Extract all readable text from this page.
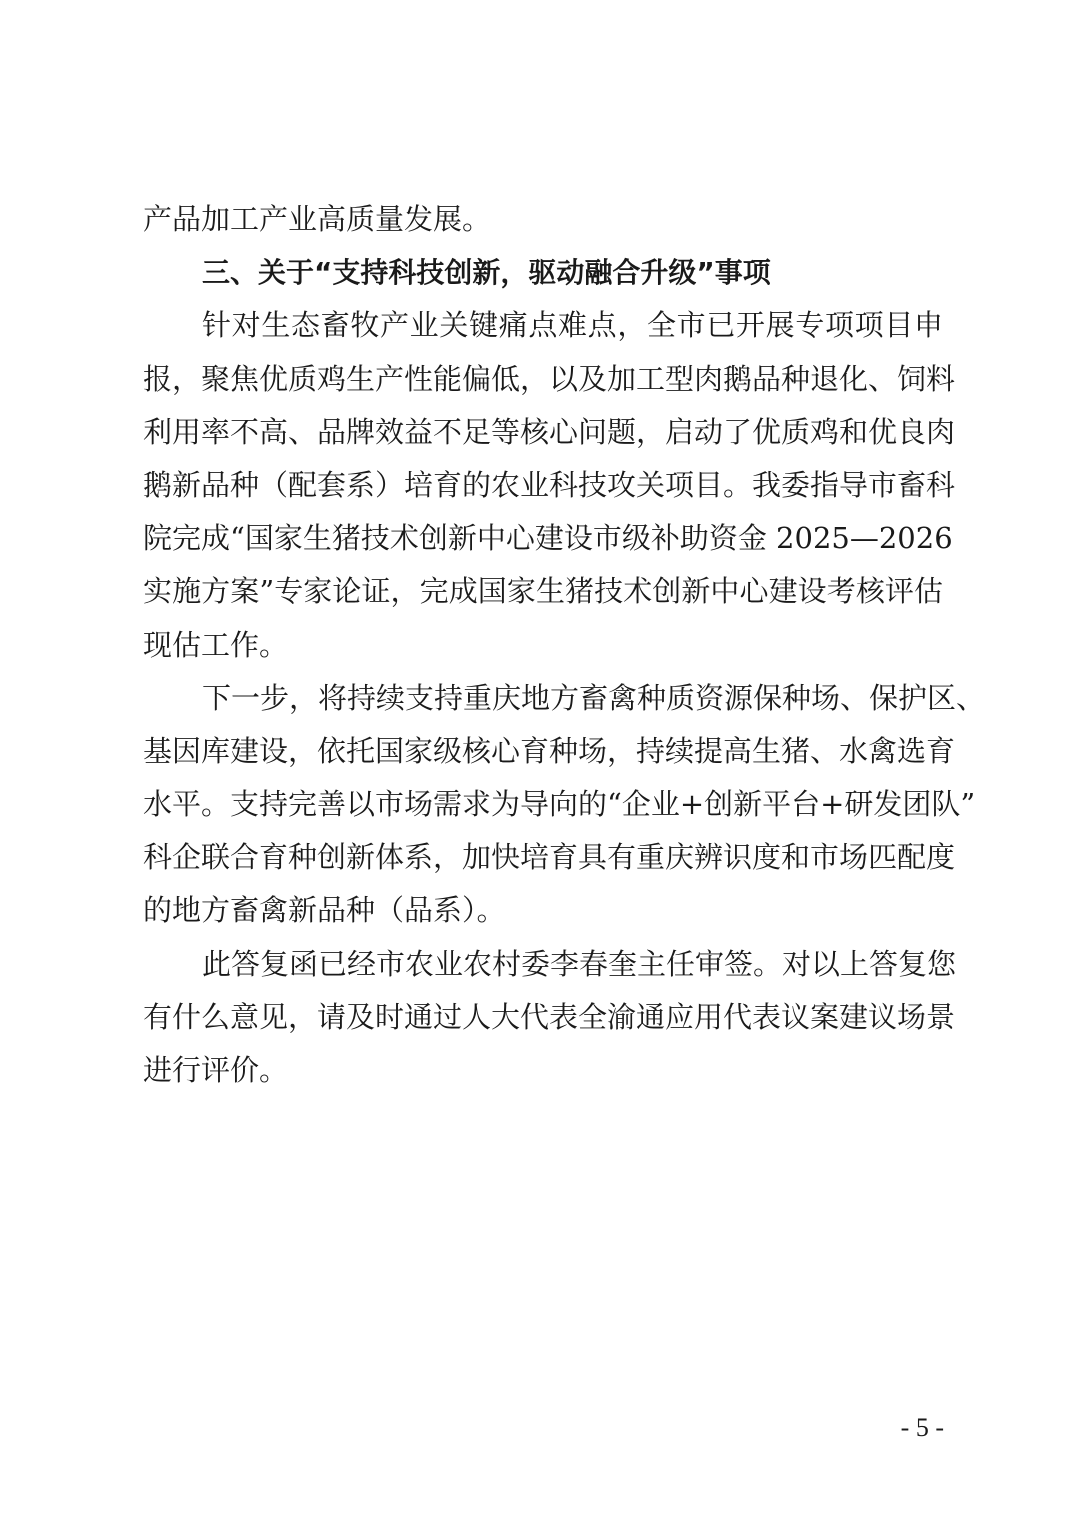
产品加工产业高质量发展。
三、关于“支持科技创新，驱动融合升级”事项
针对生态畜牧产业关键痛点难点，全市已开展专项项目申
报，聚焦优质鸡生产性能偏低，以及加工型肉鹅品种退化、饲料
利用率不高、品牌效益不足等核心问题，启动了优质鸡和优良肉
鹅新品种（配套系）培育的农业科技攻关项目。我委指导市畜科
院完成“国家生猪技术创新中心建设市级补助资金 2025—2026
实施方案”专家论证，完成国家生猪技术创新中心建设考核评估
现估工作。
下一步，将持续支持重庆地方畜禽种质资源保种场、保护区、
基因库建设，依托国家级核心育种场，持续提高生猪、水禽选育
水平。支持完善以市场需求为导向的“企业+创新平台+研发团队”
科企联合育种创新体系，加快培育具有重庆辨识度和市场匹配度
的地方畜禽新品种（品系）。
此答复函已经市农业农村委李春奎主任审签。对以上答复您
有什么意见，请及时通过人大代表全渝通应用代表议案建议场景
进行评价。
- 5 -
